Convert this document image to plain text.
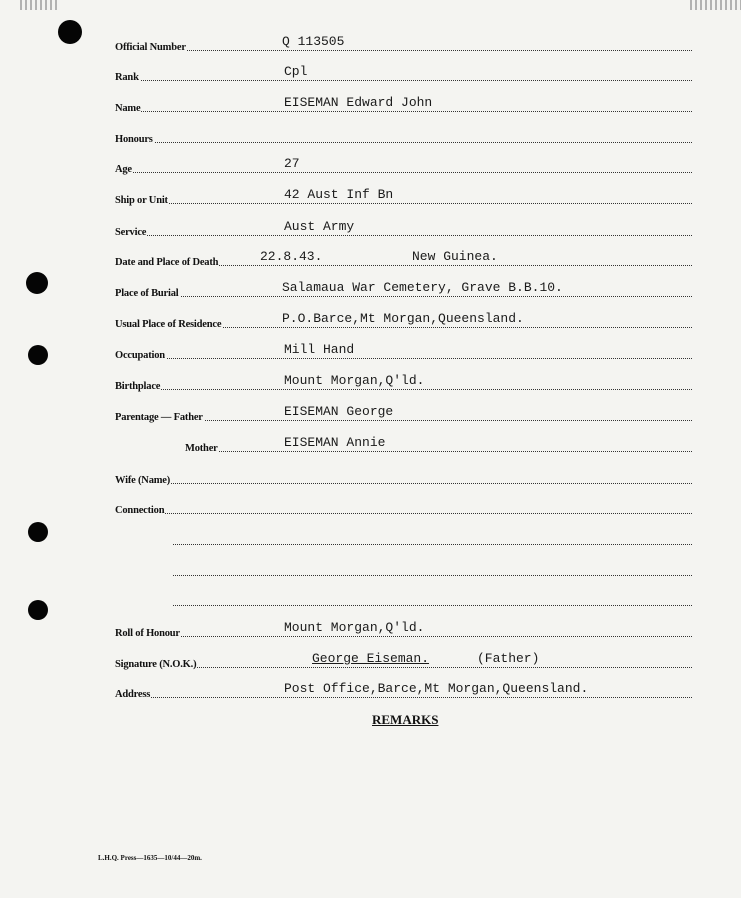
Official Number	Q 113505
Rank	Cpl
Name	EISEMAN Edward John
Honours
Age	27
Ship or Unit	42 Aust Inf Bn
Service	Aust Army
Date and Place of Death	22.8.43.	New Guinea.
Place of Burial	Salamaua War Cemetery, Grave B.B.10.
Usual Place of Residence	P.O.Barce,Mt Morgan,Queensland.
Occupation	Mill Hand
Birthplace	Mount Morgan,Q'ld.
Parentage — Father	EISEMAN George
Mother	EISEMAN Annie
Wife (Name)
Connection
Roll of Honour	Mount Morgan,Q'ld.
Signature (N.O.K.)	George Eiseman.	(Father)
Address	Post Office,Barce,Mt Morgan,Queensland.
REMARKS
L.H.Q. Press—1635—10/44—20m.
